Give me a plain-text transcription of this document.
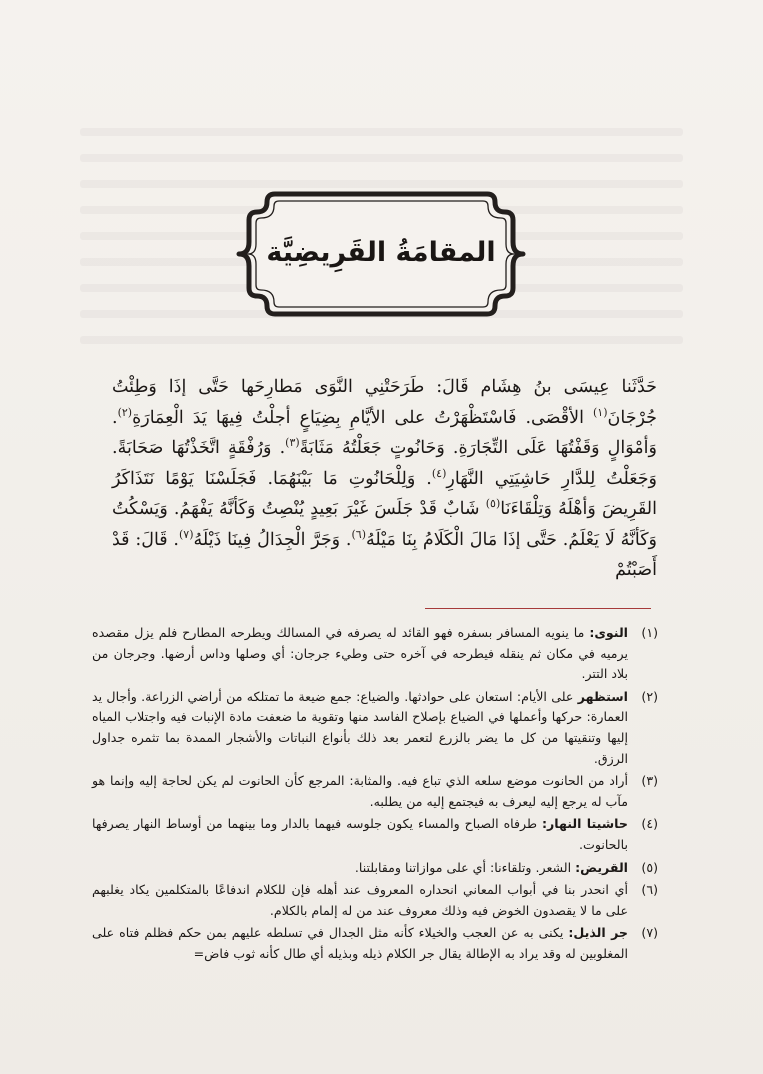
المقامَةُ القَرِيضِيَّة

حَدَّثَنا عِيسَى بنُ هِشَام قَالَ: طَرَحَتْنِي النَّوَى مَطارِحَها حَتَّى إذَا وَطِئْتُ جُرْجَانَ$^{(١)}$ الأقْصَى. فَاسْتَظْهَرْتُ على الأيَّامِ بِضِيَاعٍ أجلْتُ فِيهَا يَدَ الْعِمَارَةِ$^{(٢)}$. وَأمْوَالٍ وَقَفْتُهَا عَلَى التِّجَارَةِ. وَحَانُوتٍ جَعَلْتُهُ مَثَابَةً$^{(٣)}$. وَرُفْقَةٍ اتَّخَذْتُهَا صَحَابَةً. وَجَعَلْتُ لِلدَّارِ حَاشِيَتِي النَّهَارِ$^{(٤)}$. وَلِلْحَانُوتِ مَا بَيْنَهُمَا. فَجَلَسْنَا يَوْمًا نَتَذَاكَرُ القَرِيضَ وَأهْلَهُ وَتِلْقَاءَنَا$^{(٥)}$ شَابٌ قَدْ جَلَسَ غَيْرَ بَعِيدٍ يُنْصِتُ وَكَأنَّهُ يَفْهَمُ. وَيَسْكُتُ وَكَأنَّهُ لَا يَعْلَمُ. حَتَّى إذَا مَالَ الْكَلَامُ بِنَا مَيْلَهُ$^{(٦)}$. وَجَرَّ الْجِدَالُ فِينَا ذَيْلَهُ$^{(٧)}$. قَالَ: قَدْ أَصَبْتُمْ

(١)
النوى: ما ينويه المسافر بسفره فهو القائد له يصرفه في المسالك ويطرحه المطارح فلم يزل مقصده يرميه في مكان ثم ينقله فيطرحه في آخره حتى وطيء جرجان: أي وصلها وداس أرضها. وجرجان من بلاد التتر.
(٢)
استظهر على الأيام: استعان على حوادثها. والضياع: جمع ضيعة ما تمتلكه من أراضي الزراعة. وأجال يد العمارة: حركها وأعملها في الضياع بإصلاح الفاسد منها وتقوية ما ضعفت مادة الإنبات فيه واجتلاب المياه إليها وتنقيتها من كل ما يضر بالزرع لتعمر بعد ذلك بأنواع النباتات والأشجار الممدة بما تثمره جداول الرزق.
(٣)
أراد من الحانوت موضع سلعه الذي تباع فيه. والمثابة: المرجع كأن الحانوت لم يكن لحاجة إليه وإنما هو مآب له يرجع إليه ليعرف به فيجتمع إليه من يطلبه.
(٤)
حاشيتا النهار: طرفاه الصباح والمساء يكون جلوسه فيهما بالدار وما بينهما من أوساط النهار يصرفها بالحانوت.
(٥)
القريض: الشعر. وتلقاءنا: أي على موازاتنا ومقابلتنا.
(٦)
أي انحدر بنا في أبواب المعاني انحداره المعروف عند أهله فإن للكلام اندفاعًا بالمتكلمين يكاد يغلبهم على ما لا يقصدون الخوض فيه وذلك معروف عند من له إلمام بالكلام.
(٧)
جر الذيل: يكنى به عن العجب والخيلاء كأنه مثل الجدال في تسلطه عليهم بمن حكم فظلم فتاه على المغلوبين له وقد يراد به الإطالة يقال جر الكلام ذيله وبذيله أي طال كأنه ثوب فاض=
